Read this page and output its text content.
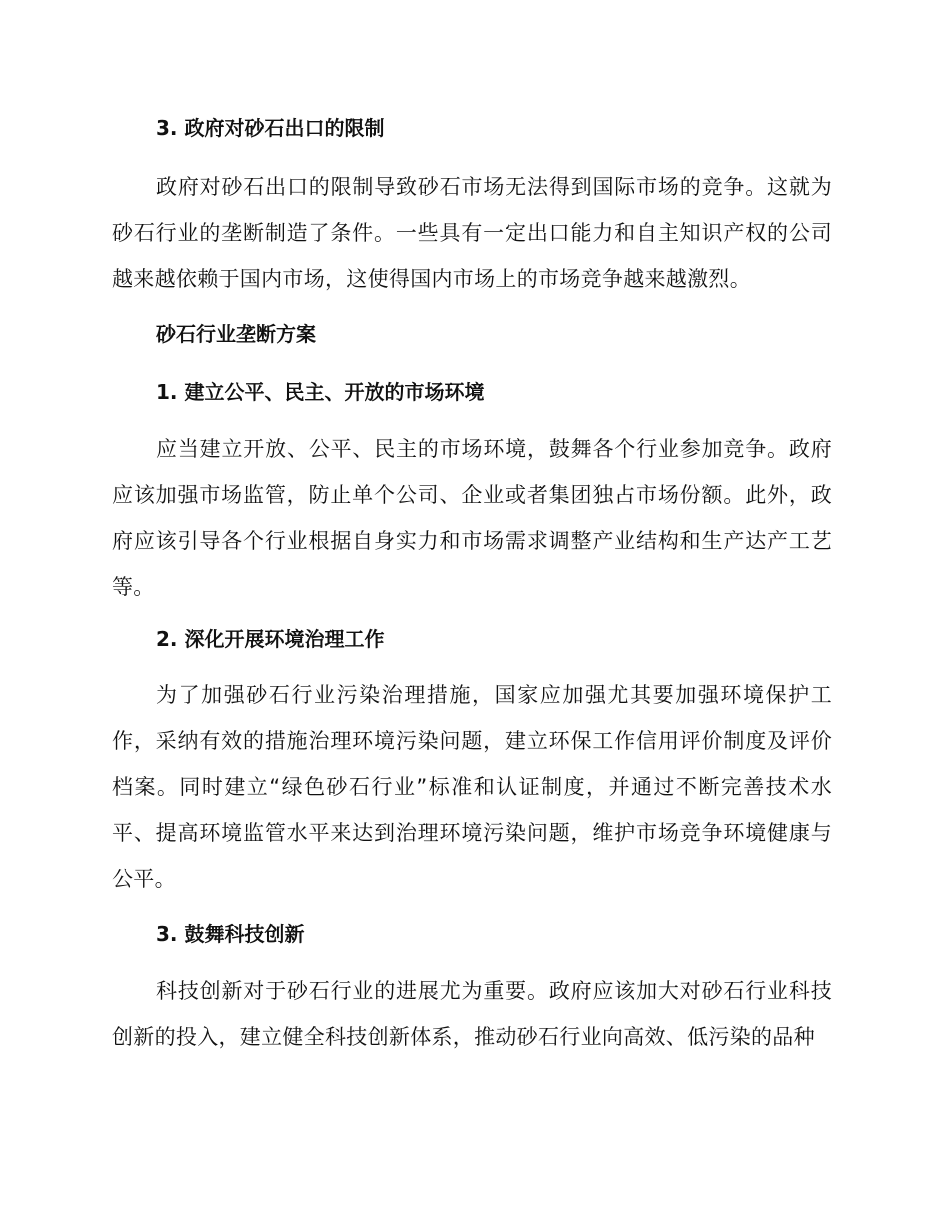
3. 政府对砂石出口的限制

政府对砂石出口的限制导致砂石市场无法得到国际市场的竞争。这就为砂石行业的垄断制造了条件。一些具有一定出口能力和自主知识产权的公司越来越依赖于国内市场，这使得国内市场上的市场竞争越来越激烈。

砂石行业垄断方案
1. 建立公平、民主、开放的市场环境

应当建立开放、公平、民主的市场环境，鼓舞各个行业参加竞争。政府应该加强市场监管，防止单个公司、企业或者集团独占市场份额。此外，政府应该引导各个行业根据自身实力和市场需求调整产业结构和生产达产工艺等。

2. 深化开展环境治理工作

为了加强砂石行业污染治理措施，国家应加强尤其要加强环境保护工作，采纳有效的措施治理环境污染问题，建立环保工作信用评价制度及评价档案。同时建立“绿色砂石行业”标准和认证制度，并通过不断完善技术水平、提高环境监管水平来达到治理环境污染问题，维护市场竞争环境健康与公平。

3. 鼓舞科技创新

科技创新对于砂石行业的进展尤为重要。政府应该加大对砂石行业科技创新的投入，建立健全科技创新体系，推动砂石行业向高效、低污染的品种
